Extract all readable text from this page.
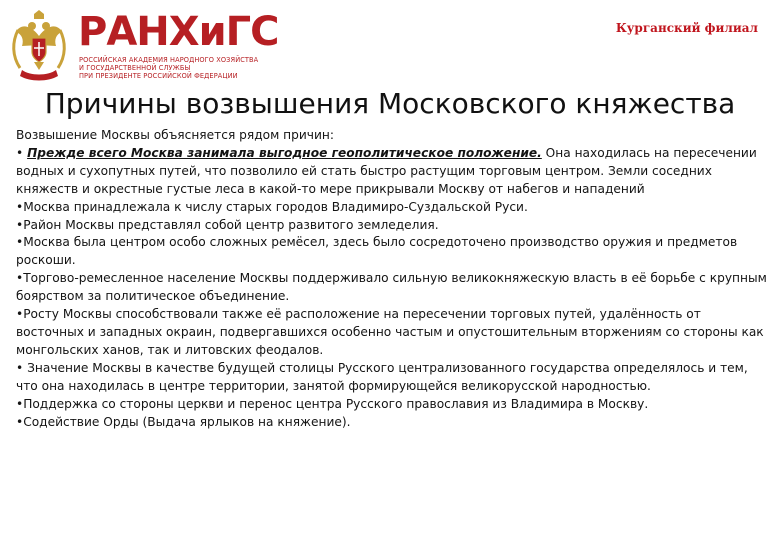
РАНХиГС
РОССИЙСКАЯ АКАДЕМИЯ НАРОДНОГО ХОЗЯЙСТВА
И ГОСУДАРСТВЕННОЙ СЛУЖБЫ
ПРИ ПРЕЗИДЕНТЕ РОССИЙСКОЙ ФЕДЕРАЦИИ
Курганский филиал
Причины возвышения Московского княжества

Возвышение Москвы объясняется рядом причин:

• Прежде всего Москва занимала выгодное геополитическое положение. Она находилась на пересечении водных и сухопутных путей, что позволило ей стать быстро растущим торговым центром. Земли соседних княжеств и окрестные густые леса в какой-то мере прикрывали Москву от набегов и нападений

•Москва принадлежала к числу старых городов Владимиро-Суздальской Руси.

•Район Москвы представлял собой центр развитого земледелия.

•Москва была центром особо сложных ремёсел, здесь было сосредоточено производство оружия и предметов роскоши.

•Торгово-ремесленное население Москвы поддерживало сильную великокняжескую власть в её борьбе с крупным боярством за политическое объединение.

•Росту Москвы способствовали также её расположение на пересечении торговых путей, удалённость от восточных и западных окраин, подвергавшихся особенно частым и опустошительным вторжениям со стороны как монгольских ханов, так и литовских феодалов.

• Значение Москвы в качестве будущей столицы Русского централизованного государства определялось и тем, что она находилась в центре территории, занятой формирующейся великорусской народностью.

•Поддержка со стороны церкви и перенос центра Русского православия из Владимира в Москву.

•Содействие Орды (Выдача ярлыков на княжение).
